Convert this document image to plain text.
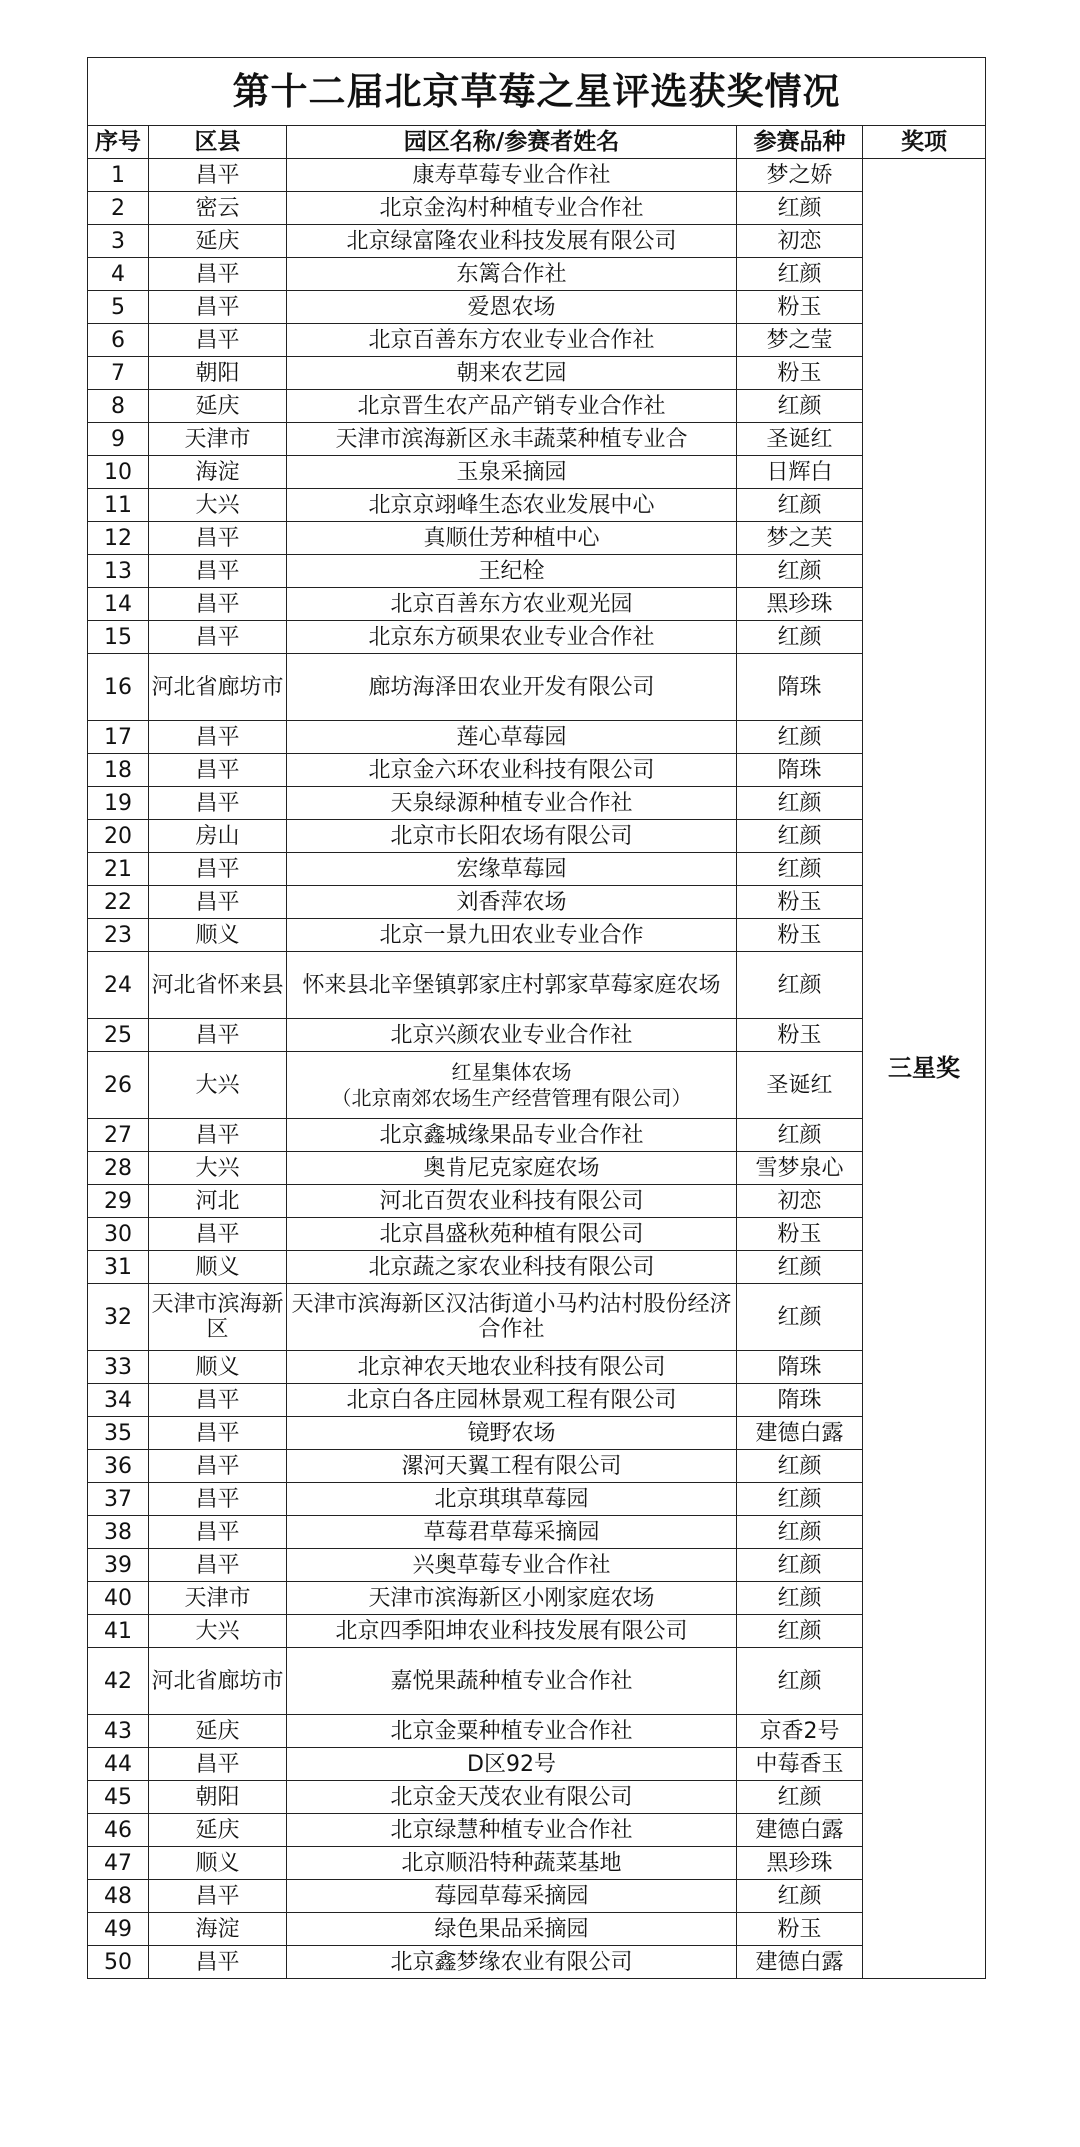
第十二届北京草莓之星评选获奖情况				
序号	区县	园区名称/参赛者姓名	参赛品种	奖项
1	昌平	康寿草莓专业合作社	梦之娇	三星奖
2	密云	北京金沟村种植专业合作社	红颜	
3	延庆	北京绿富隆农业科技发展有限公司	初恋	
4	昌平	东篱合作社	红颜	
5	昌平	爱恩农场	粉玉	
6	昌平	北京百善东方农业专业合作社	梦之莹	
7	朝阳	朝来农艺园	粉玉	
8	延庆	北京晋生农产品产销专业合作社	红颜	
9	天津市	天津市滨海新区永丰蔬菜种植专业合	圣诞红	
10	海淀	玉泉采摘园	日辉白	
11	大兴	北京京翊峰生态农业发展中心	红颜	
12	昌平	真顺仕芳种植中心	梦之芙	
13	昌平	王纪栓	红颜	
14	昌平	北京百善东方农业观光园	黑珍珠	
15	昌平	北京东方硕果农业专业合作社	红颜	
16	河北省廊坊市	廊坊海泽田农业开发有限公司	隋珠	
17	昌平	莲心草莓园	红颜	
18	昌平	北京金六环农业科技有限公司	隋珠	
19	昌平	天泉绿源种植专业合作社	红颜	
20	房山	北京市长阳农场有限公司	红颜	
21	昌平	宏缘草莓园	红颜	
22	昌平	刘香萍农场	粉玉	
23	顺义	北京一景九田农业专业合作	粉玉	
24	河北省怀来县	怀来县北辛堡镇郭家庄村郭家草莓家庭农场	红颜	
25	昌平	北京兴颜农业专业合作社	粉玉	
26	大兴	红星集体农场
（北京南郊农场生产经营管理有限公司）	圣诞红	
27	昌平	北京鑫城缘果品专业合作社	红颜	
28	大兴	奥肯尼克家庭农场	雪梦泉心	
29	河北	河北百贺农业科技有限公司	初恋	
30	昌平	北京昌盛秋苑种植有限公司	粉玉	
31	顺义	北京蔬之家农业科技有限公司	红颜	
32	天津市滨海新区	天津市滨海新区汉沽街道小马杓沽村股份经济合作社	红颜	
33	顺义	北京神农天地农业科技有限公司	隋珠	
34	昌平	北京白各庄园林景观工程有限公司	隋珠	
35	昌平	镜野农场	建德白露	
36	昌平	漯河天翼工程有限公司	红颜	
37	昌平	北京琪琪草莓园	红颜	
38	昌平	草莓君草莓采摘园	红颜	
39	昌平	兴奥草莓专业合作社	红颜	
40	天津市	天津市滨海新区小刚家庭农场	红颜	
41	大兴	北京四季阳坤农业科技发展有限公司	红颜	
42	河北省廊坊市	嘉悦果蔬种植专业合作社	红颜	
43	延庆	北京金粟种植专业合作社	京香2号	
44	昌平	D区92号	中莓香玉	
45	朝阳	北京金天茂农业有限公司	红颜	
46	延庆	北京绿慧种植专业合作社	建德白露	
47	顺义	北京顺沿特种蔬菜基地	黑珍珠	
48	昌平	莓园草莓采摘园	红颜	
49	海淀	绿色果品采摘园	粉玉	
50	昌平	北京鑫梦缘农业有限公司	建德白露	
